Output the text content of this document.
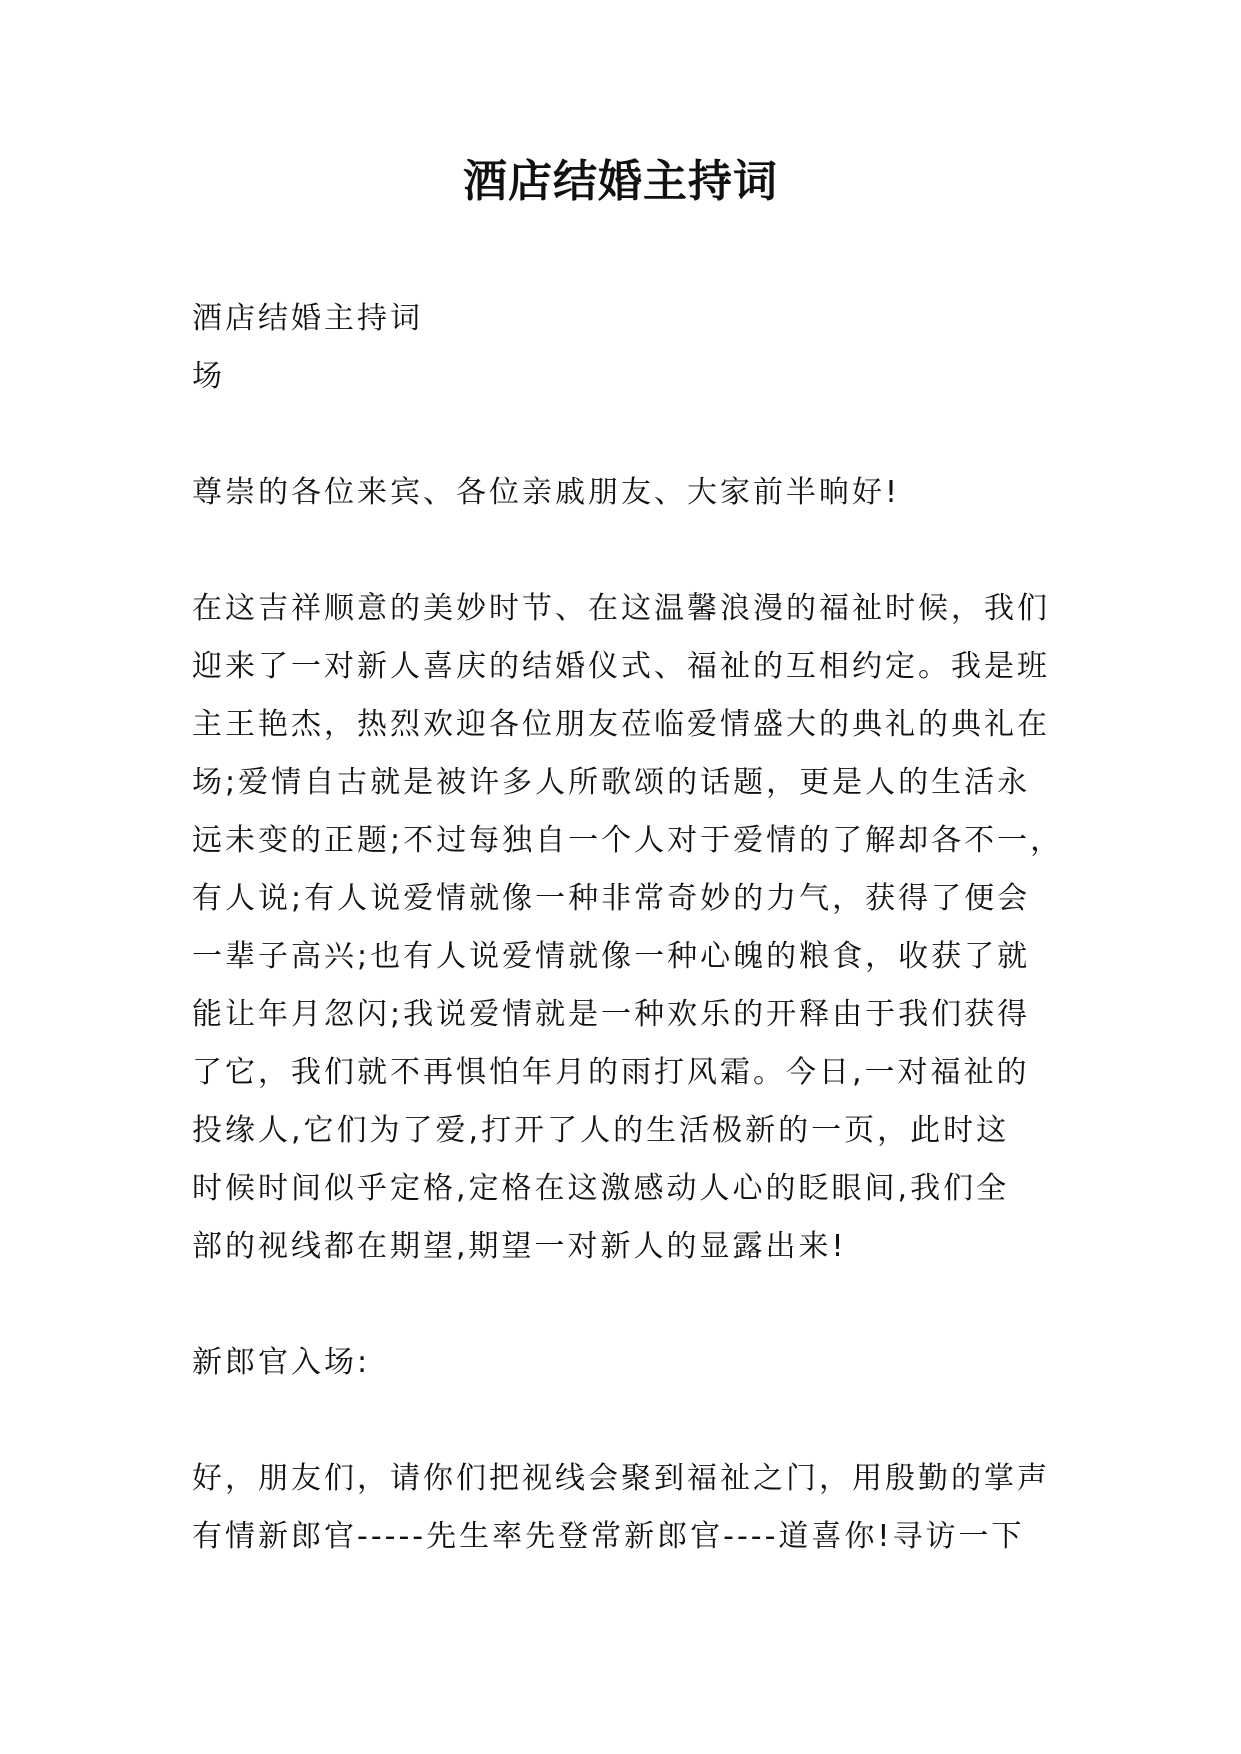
酒店结婚主持词
酒店结婚主持词
场
尊崇的各位来宾、各位亲戚朋友、大家前半晌好!
在这吉祥顺意的美妙时节、在这温馨浪漫的福祉时候，我们
迎来了一对新人喜庆的结婚仪式、福祉的互相约定。我是班
主王艳杰，热烈欢迎各位朋友莅临爱情盛大的典礼的典礼在
场;爱情自古就是被许多人所歌颂的话题，更是人的生活永
远未变的正题;不过每独自一个人对于爱情的了解却各不一，
有人说;有人说爱情就像一种非常奇妙的力气，获得了便会
一辈子高兴;也有人说爱情就像一种心魄的粮食，收获了就
能让年月忽闪;我说爱情就是一种欢乐的开释由于我们获得
了它，我们就不再惧怕年月的雨打风霜。今日,一对福祉的
投缘人,它们为了爱,打开了人的生活极新的一页，此时这
时候时间似乎定格,定格在这激感动人心的眨眼间,我们全
部的视线都在期望,期望一对新人的显露出来!
新郎官入场:
好，朋友们，请你们把视线会聚到福祉之门，用殷勤的掌声
有情新郎官-----先生率先登常新郎官----道喜你!寻访一下
